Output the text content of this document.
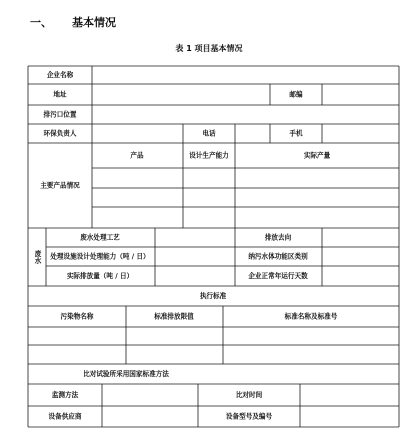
一、 基本情况
表 1 项目基本情况
企业名称
地址	邮编
排污口位置
环保负责人	电话	手机
主要产品情况
产品	设计生产能力	实际产量
废水
废水处理工艺	排放去向
处理设施设计处理能力（吨 / 日）	纳污水体功能区类别
实际排放量（吨 / 日）	企业正常年运行天数
执行标准
污染物名称	标准排放限值	标准名称及标准号
比对试验所采用国家标准方法
监测方法	比对时间
设备供应商	设备型号及编号
